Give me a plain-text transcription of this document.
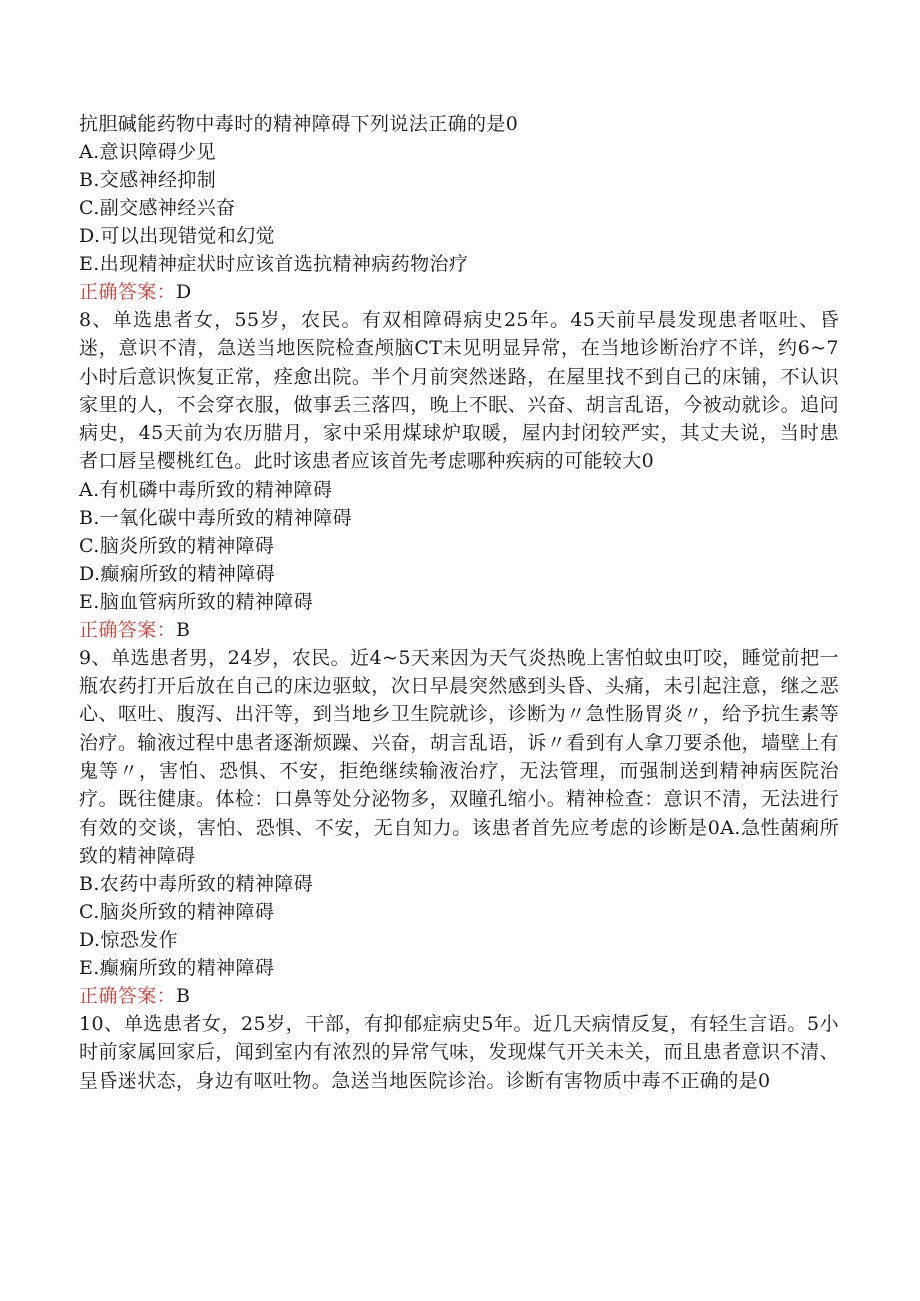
抗胆碱能药物中毒时的精神障碍下列说法正确的是0
A.意识障碍少见
B.交感神经抑制
C.副交感神经兴奋
D.可以出现错觉和幻觉
E.出现精神症状时应该首选抗精神病药物治疗
正确答案：D
8、单选患者女，55岁，农民。有双相障碍病史25年。45天前早晨发现患者呕吐、昏迷，意识不清，急送当地医院检查颅脑CT未见明显异常，在当地诊断治疗不详，约6~7小时后意识恢复正常，痊愈出院。半个月前突然迷路，在屋里找不到自己的床铺，不认识家里的人，不会穿衣服，做事丢三落四，晚上不眠、兴奋、胡言乱语，今被动就诊。追问病史，45天前为农历腊月，家中采用煤球炉取暖，屋内封闭较严实，其丈夫说，当时患者口唇呈樱桃红色。此时该患者应该首先考虑哪种疾病的可能较大0
A.有机磷中毒所致的精神障碍
B.一氧化碳中毒所致的精神障碍
C.脑炎所致的精神障碍
D.癫痫所致的精神障碍
E.脑血管病所致的精神障碍
正确答案：B
9、单选患者男，24岁，农民。近4~5天来因为天气炎热晚上害怕蚊虫叮咬，睡觉前把一瓶农药打开后放在自己的床边驱蚊，次日早晨突然感到头昏、头痛，未引起注意，继之恶心、呕吐、腹泻、出汗等，到当地乡卫生院就诊，诊断为〃急性肠胃炎〃，给予抗生素等治疗。输液过程中患者逐渐烦躁、兴奋，胡言乱语，诉〃看到有人拿刀要杀他，墙壁上有鬼等〃，害怕、恐惧、不安，拒绝继续输液治疗，无法管理，而强制送到精神病医院治疗。既往健康。体检：口鼻等处分泌物多，双瞳孔缩小。精神检查：意识不清，无法进行有效的交谈，害怕、恐惧、不安，无自知力。该患者首先应考虑的诊断是0A.急性菌痢所致的精神障碍
B.农药中毒所致的精神障碍
C.脑炎所致的精神障碍
D.惊恐发作
E.癫痫所致的精神障碍
正确答案：B
10、单选患者女，25岁，干部，有抑郁症病史5年。近几天病情反复，有轻生言语。5小时前家属回家后，闻到室内有浓烈的异常气味，发现煤气开关未关，而且患者意识不清、呈昏迷状态，身边有呕吐物。急送当地医院诊治。诊断有害物质中毒不正确的是0
